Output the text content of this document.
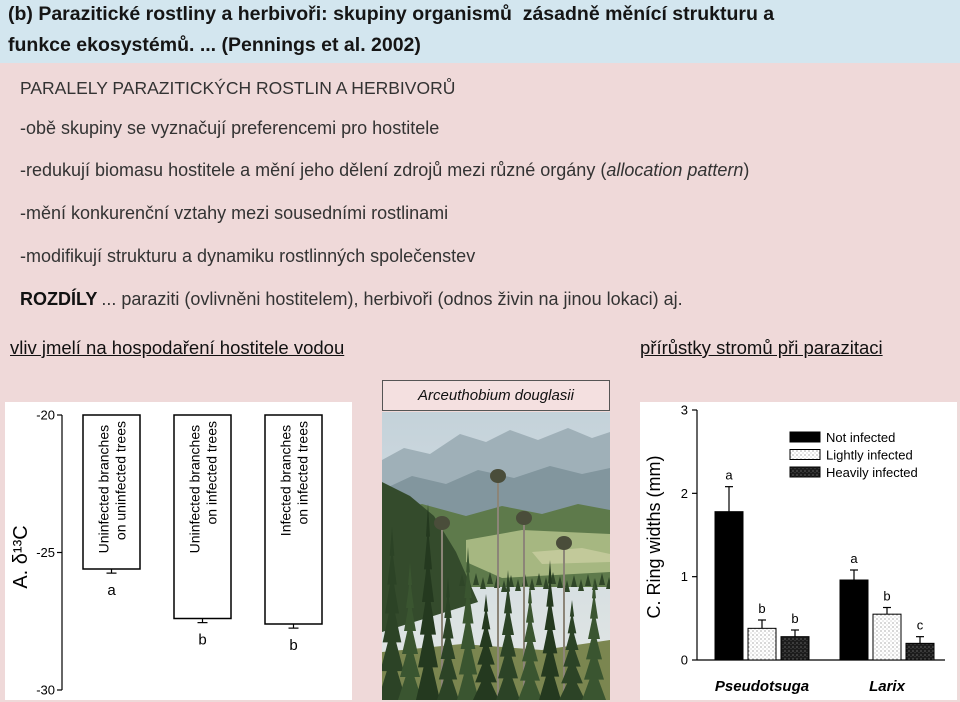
(b) Parazitické rostliny a herbivoři: skupiny organismů  zásadně měnící strukturu a
funkce ekosystémů. ... (Pennings et al. 2002)
PARALELY PARAZITICKÝCH ROSTLIN A HERBIVORŮ
-obě skupiny se vyznačují preferencemi pro hostitele
-redukují biomasu hostitele a mění jeho dělení zdrojů mezi různé orgány (allocation pattern)
-mění konkurenční vztahy mezi sousedními rostlinami
-modifikují strukturu a dynamiku rostlinných společenstev
ROZDÍLY ... paraziti (ovlivněni hostitelem), herbivoři (odnos živin na jinou lokaci) aj.
vliv jmelí na hospodaření hostitele vodou	přírůstky stromů při parazitaci
Arceuthobium douglasii
A. δ¹³C
-20
-25
-30
a
Uninfected branches on uninfected trees
b
Uninfected branches on infected trees
b
Infected branches on infected trees	C. Ring widths (mm)
0
1
2
3
a
a
Not infected
b
b
Lightly infected
b	c
Heavily infected
Pseudotsuga	Larix
